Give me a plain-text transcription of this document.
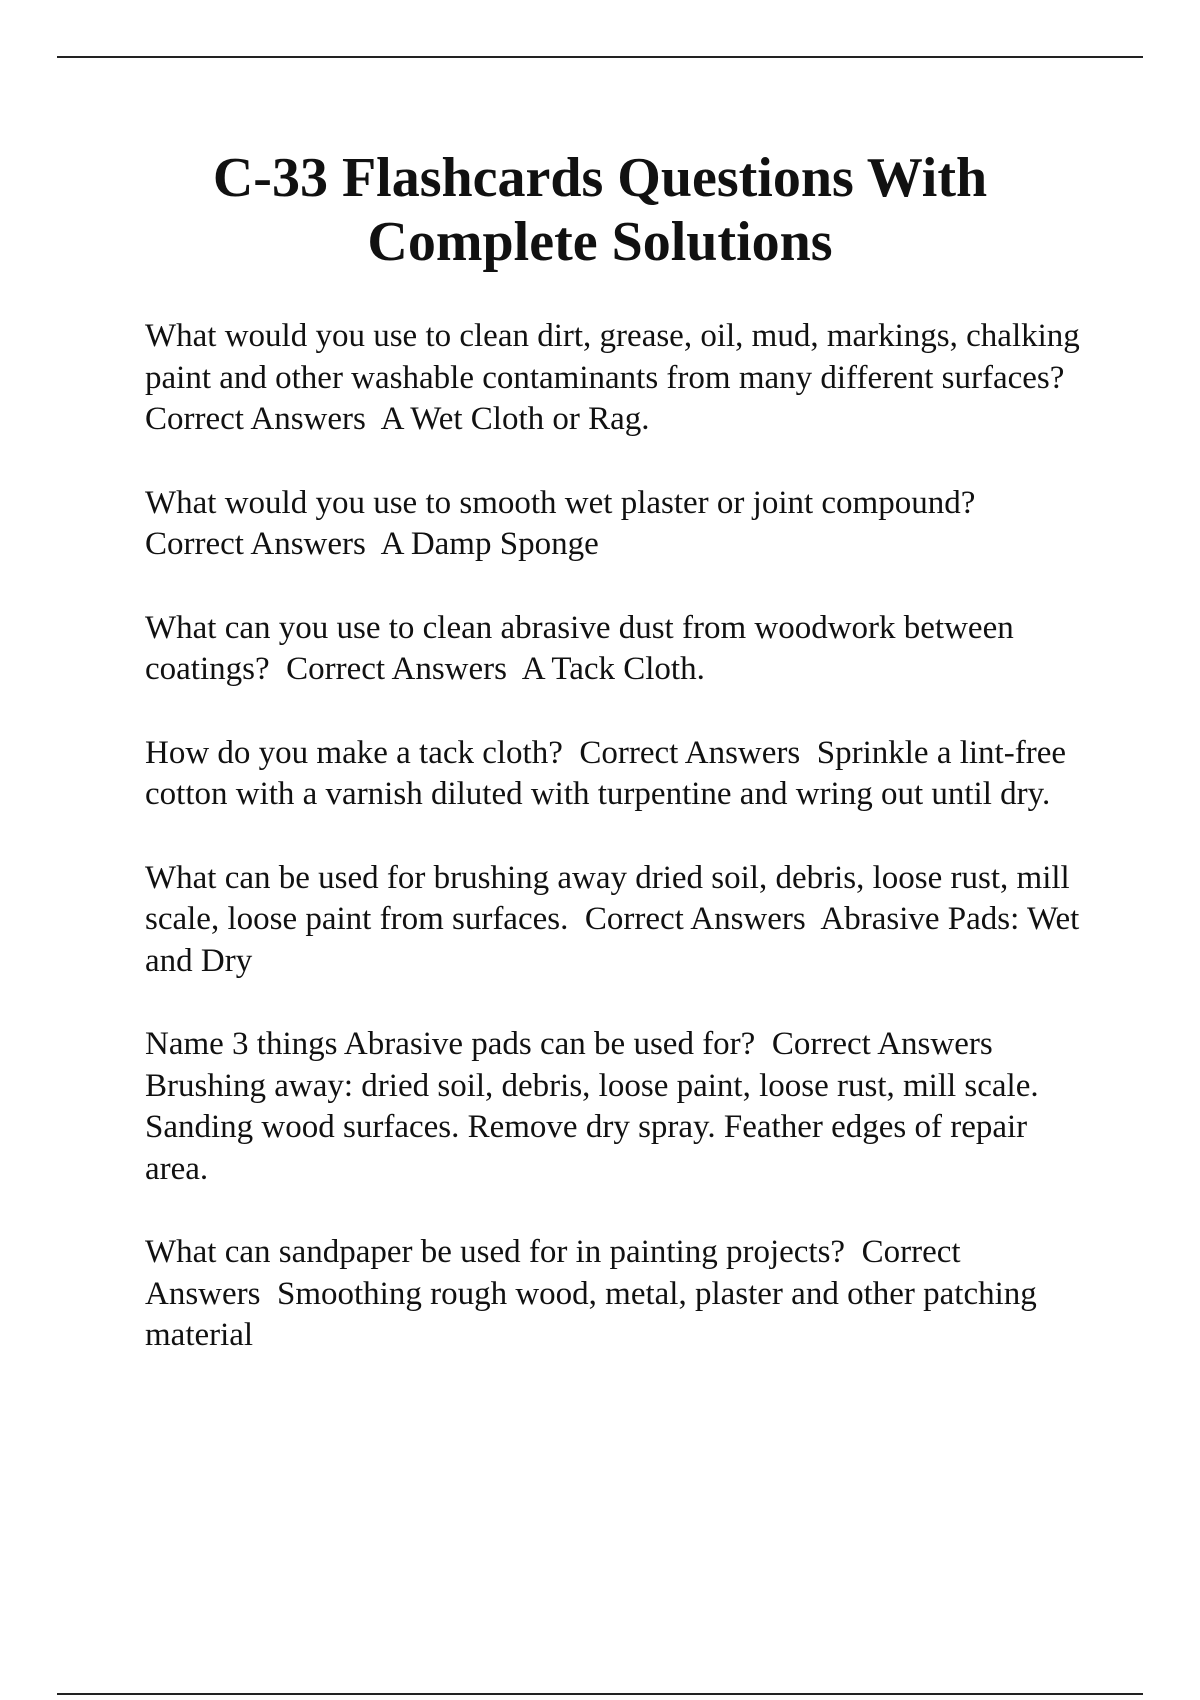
C-33 Flashcards Questions With Complete Solutions

What would you use to clean dirt, grease, oil, mud, markings, chalking paint and other washable contaminants from many different surfaces?  Correct Answers A Wet Cloth or Rag.

What would you use to smooth wet plaster or joint compound?  Correct Answers A Damp Sponge

What can you use to clean abrasive dust from woodwork between coatings? Correct Answers A Tack Cloth.

How do you make a tack cloth? Correct Answers Sprinkle a lint-free cotton with a varnish diluted with turpentine and wring out until dry.

What can be used for brushing away dried soil, debris, loose rust, mill scale, loose paint from surfaces. Correct Answers Abrasive Pads: Wet and Dry

Name 3 things Abrasive pads can be used for? Correct Answers  Brushing away: dried soil, debris, loose paint, loose rust, mill scale. Sanding wood surfaces. Remove dry spray. Feather edges of repair area.

What can sandpaper be used for in painting projects? Correct Answers Smoothing rough wood, metal, plaster and other patching material
